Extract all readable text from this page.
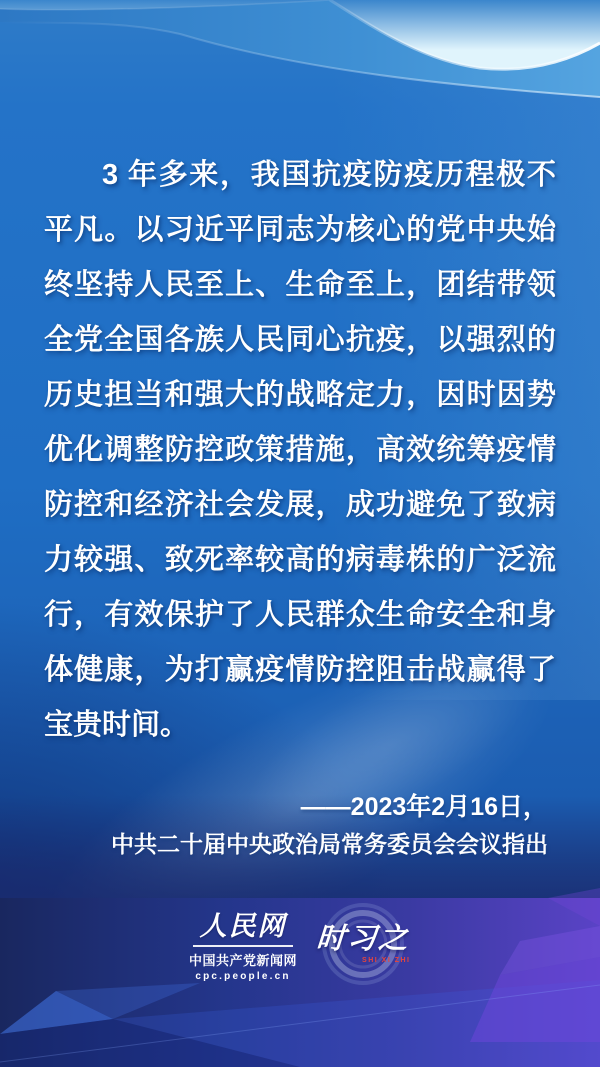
3 年多来，我国抗疫防疫历程极不平凡。以习近平同志为核心的党中央始终坚持人民至上、生命至上，团结带领全党全国各族人民同心抗疫，以强烈的历史担当和强大的战略定力，因时因势优化调整防控政策措施，高效统筹疫情防控和经济社会发展，成功避免了致病力较强、致死率较高的病毒株的广泛流行，有效保护了人民群众生命安全和身体健康，为打赢疫情防控阻击战赢得了宝贵时间。
——2023年2月16日，
中共二十届中央政治局常务委员会会议指出
人民网
中国共产党新闻网
cpc.people.cn
时习之
SHI XI ZHI
